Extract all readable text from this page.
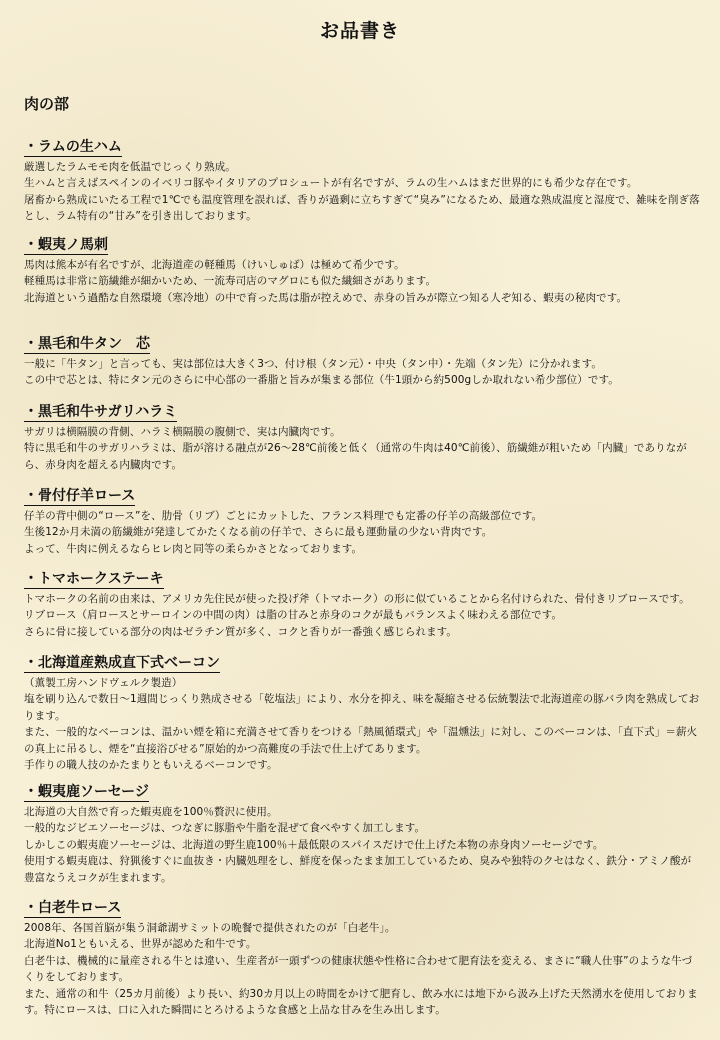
お品書き
肉の部
・ラムの生ハム

厳選したラムモモ肉を低温でじっくり熟成。

生ハムと言えばスペインのイベリコ豚やイタリアのプロシュートが有名ですが、ラムの生ハムはまだ世界的にも希少な存在です。

屠畜から熟成にいたる工程で1℃でも温度管理を誤れば、香りが過剰に立ちすぎて“臭み”になるため、最適な熟成温度と湿度で、雑味を削ぎ落とし、ラム特有の“甘み”を引き出しております。

・蝦夷ノ馬刺

馬肉は熊本が有名ですが、北海道産の軽種馬（けいしゅば）は極めて希少です。

軽種馬は非常に筋繊維が細かいため、一流寿司店のマグロにも似た繊細さがあります。

北海道という過酷な自然環境（寒冷地）の中で育った馬は脂が控えめで、赤身の旨みが際立つ知る人ぞ知る、蝦夷の秘肉です。

・黒毛和牛タン　芯

一般に「牛タン」と言っても、実は部位は大きく3つ、付け根（タン元）・中央（タン中）・先端（タン先）に分かれます。

この中で芯とは、特にタン元のさらに中心部の一番脂と旨みが集まる部位（牛1頭から約500gしか取れない希少部位）です。

・黒毛和牛サガリハラミ

サガリは横隔膜の背側、ハラミ横隔膜の腹側で、実は内臓肉です。

特に黒毛和牛のサガリハラミは、脂が溶ける融点が26～28℃前後と低く（通常の牛肉は40℃前後）、筋繊維が粗いため「内臓」でありながら、赤身肉を超える内臓肉です。

・骨付仔羊ロース

仔羊の背中側の“ロース”を、肋骨（リブ）ごとにカットした、フランス料理でも定番の仔羊の高級部位です。

生後12か月未満の筋繊維が発達してかたくなる前の仔羊で、さらに最も運動量の少ない背肉です。

よって、牛肉に例えるならヒレ肉と同等の柔らかさとなっております。

・トマホークステーキ

トマホークの名前の由来は、アメリカ先住民が使った投げ斧（トマホーク）の形に似ていることから名付けられた、骨付きリブロースです。リブロース（肩ロースとサーロインの中間の肉）は脂の甘みと赤身のコクが最もバランスよく味わえる部位です。

さらに骨に接している部分の肉はゼラチン質が多く、コクと香りが一番強く感じられます。

・北海道産熟成直下式ベーコン

（薫製工房ハンドヴェルク製造）

塩を刷り込んで数日～1週間じっくり熟成させる「乾塩法」により、水分を抑え、味を凝縮させる伝統製法で北海道産の豚バラ肉を熟成しております。

また、一般的なベーコンは、温かい煙を箱に充満させて香りをつける「熱風循環式」や「温燻法」に対し、このベーコンは、「直下式」＝薪火の真上に吊るし、煙を“直接浴びせる”原始的かつ高難度の手法で仕上げてあります。

手作りの職人技のかたまりともいえるベーコンです。

・蝦夷鹿ソーセージ

北海道の大自然で育った蝦夷鹿を100％贅沢に使用。

一般的なジビエソーセージは、つなぎに豚脂や牛脂を混ぜて食べやすく加工します。

しかしこの蝦夷鹿ソーセージは、北海道の野生鹿100％＋最低限のスパイスだけで仕上げた本物の赤身肉ソーセージです。

使用する蝦夷鹿は、狩猟後すぐに血抜き・内臓処理をし、鮮度を保ったまま加工しているため、臭みや独特のクセはなく、鉄分・アミノ酸が豊富なうえコクが生まれます。

・白老牛ロース

2008年、各国首脳が集う洞爺湖サミットの晩餐で提供されたのが「白老牛」。

北海道No1ともいえる、世界が認めた和牛です。

白老牛は、機械的に量産される牛とは違い、生産者が一頭ずつの健康状態や性格に合わせて肥育法を変える、まさに“職人仕事”のような牛づくりをしております。

また、通常の和牛（25カ月前後）より長い、約30カ月以上の時間をかけて肥育し、飲み水には地下から汲み上げた天然湧水を使用しております。特にロースは、口に入れた瞬間にとろけるような食感と上品な甘みを生み出します。
